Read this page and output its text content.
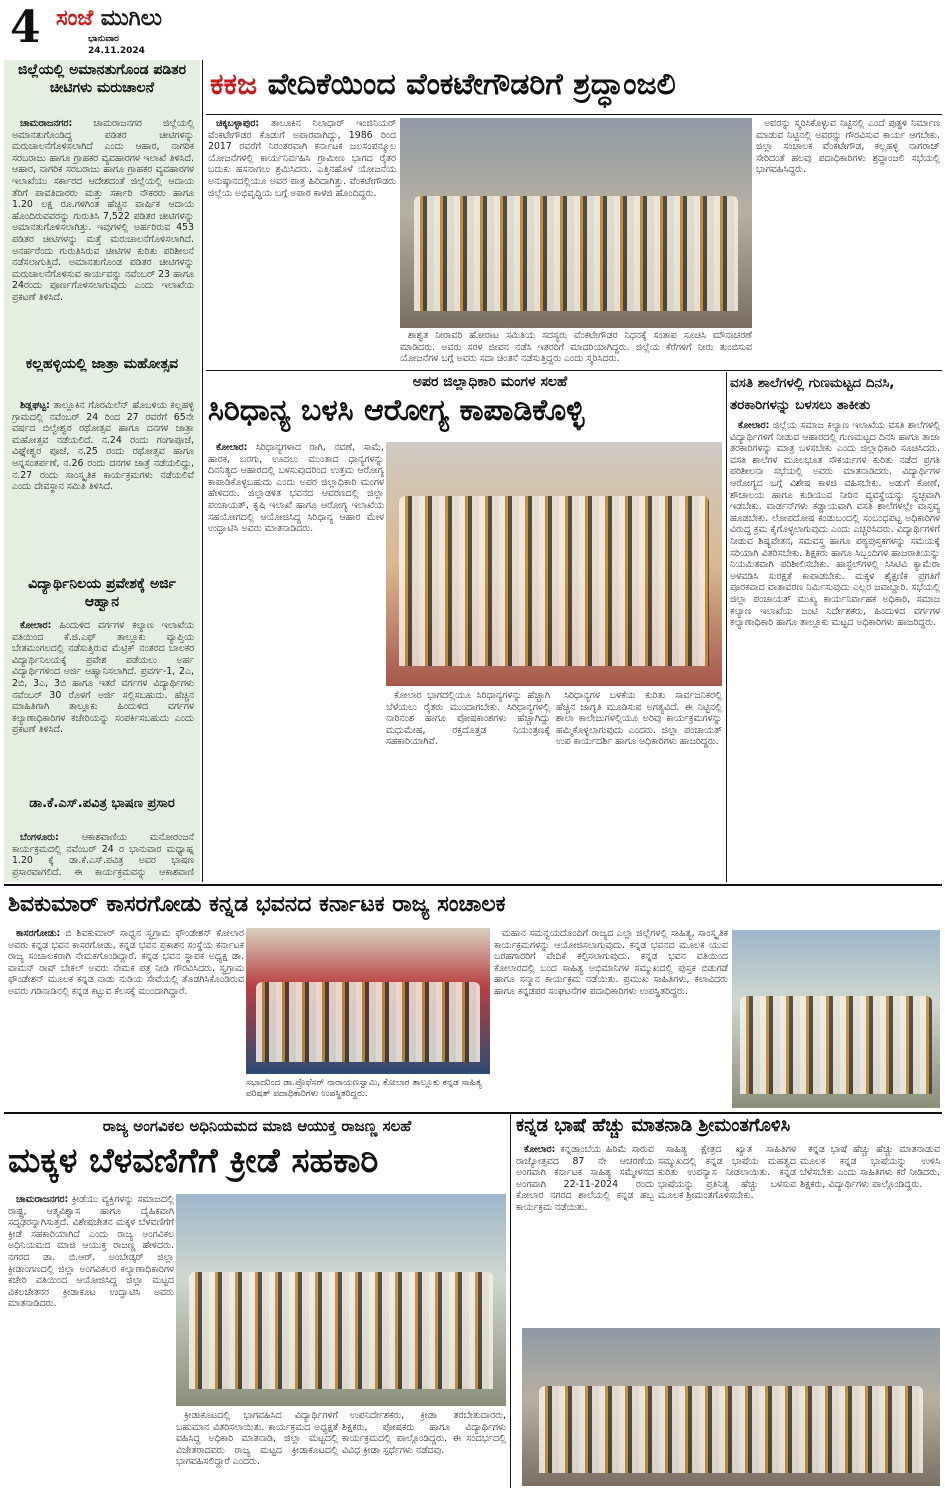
4 ಸಂಜೆ ಮುಗಿಲು
ಭಾನುವಾರ
24.11.2024
ಜಿಲ್ಲೆಯಲ್ಲಿ ಅಮಾನತುಗೊಂಡ ಪಡಿತರ ಚೀಟಿಗಳು ಮರುಚಾಲನೆ

ಚಾಮರಾಜನಗರ: ಚಾಮರಾಜನಗರ ಜಿಲ್ಲೆಯಲ್ಲಿ ಅಮಾನತುಗೊಂಡಿದ್ದ ಪಡಿತರ ಚೀಟಿಗಳನ್ನು ಮರುಚಾಲನೆಗೊಳಿಸಲಾಗಿದೆ ಎಂದು ಆಹಾರ, ನಾಗರಿಕ ಸರಬರಾಜು ಹಾಗೂ ಗ್ರಾಹಕರ ವ್ಯವಹಾರಗಳ ಇಲಾಖೆ ತಿಳಿಸಿದೆ. ಆಹಾರ, ನಾಗರಿಕ ಸರಬರಾಜು ಹಾಗೂ ಗ್ರಾಹಕರ ವ್ಯವಹಾರಗಳ ಇಲಾಖೆಯು ಸರ್ಕಾರದ ಆದೇಶದಂತೆ ಜಿಲ್ಲೆಯಲ್ಲಿ ಆದಾಯ ತೆರಿಗೆ ಪಾವತಿದಾರರು ಮತ್ತು ಸರ್ಕಾರಿ ನೌಕರರು ಹಾಗೂ 1.20 ಲಕ್ಷ ರೂ.ಗಳಿಗಿಂತ ಹೆಚ್ಚಿನ ವಾರ್ಷಿಕ ಆದಾಯ ಹೊಂದಿರುವವರನ್ನು ಗುರುತಿಸಿ 7,522 ಪಡಿತರ ಚೀಟಿಗಳನ್ನು ಅಮಾನತುಗೊಳಿಸಲಾಗಿತ್ತು. ಇವುಗಳಲ್ಲಿ ಅರ್ಹರಿರುವ 453 ಪಡಿತರ ಚೀಟಿಗಳನ್ನು ಮತ್ತೆ ಮರುಚಾಲನೆಗೊಳಿಸಲಾಗಿದೆ. ಅನರ್ಹರೆಂದು ಗುರುತಿಸಿರುವ ಚೀಟಿಗಳ ಕುರಿತು ಪರಿಶೀಲನೆ ನಡೆಸಲಾಗುತ್ತಿದೆ. ಅಮಾನತುಗೊಂಡ ಪಡಿತರ ಚೀಟಿಗಳನ್ನು ಮರುಚಾಲನೆಗೊಳಿಸುವ ಕಾರ್ಯವನ್ನು ನವೆಂಬರ್ 23 ಹಾಗೂ 24ರಂದು ಪೂರ್ಣಗೊಳಿಸಲಾಗುವುದು ಎಂದು ಇಲಾಖೆಯ ಪ್ರಕಟಣೆ ತಿಳಿಸಿದೆ.

ಕಲ್ಲಹಳ್ಳಿಯಲ್ಲಿ ಜಾತ್ರಾ ಮಹೋತ್ಸವ

ಶಿಡ್ಲಘಟ್ಟ: ತಾಲ್ಲೂಕಿನ ಗೊರಮಿಲೆನ್ ಹೊಬಳಿಯ ಕಲ್ಲಹಳ್ಳಿ ಗ್ರಾಮದಲ್ಲಿ ನವೆಂಬರ್ 24 ರಿಂದ 27 ರವರೆಗೆ 65ನೇ ವರ್ಷದ ಬಿಲ್ವೇಶ್ವರ ರಥೋತ್ಸವ ಹಾಗೂ ದನಗಳ ಜಾತ್ರಾ ಮಹೋತ್ಸವ ನಡೆಯಲಿದೆ. ನ.24 ರಂದು ಗಂಗಾಪೂಜೆ, ವಿಘ್ನೇಶ್ವರ ಪೂಜೆ, ನ.25 ರಂದು ರಥೋತ್ಸವ ಹಾಗೂ ಅನ್ನಸಂತರ್ಪಣೆ, ನ.26 ರಂದು ದನಗಳ ಜಾತ್ರೆ ನಡೆಯಲಿದ್ದು, ನ.27 ರಂದು ಸಾಂಸ್ಕೃತಿಕ ಕಾರ್ಯಕ್ರಮಗಳು ನಡೆಯಲಿವೆ ಎಂದು ದೇವಸ್ಥಾನ ಸಮಿತಿ ತಿಳಿಸಿದೆ.

ವಿದ್ಯಾರ್ಥಿನಿಲಯ ಪ್ರವೇಶಕ್ಕೆ ಅರ್ಜಿ ಆಹ್ವಾನ

ಕೋಲಾರ: ಹಿಂದುಳಿದ ವರ್ಗಗಳ ಕಲ್ಯಾಣ ಇಲಾಖೆಯ ವತಿಯಿಂದ ಕೆ.ಜಿ.ಎಫ್ ತಾಲ್ಲೂಕು ವ್ಯಾಪ್ತಿಯ ಬೇತಮಂಗಲದಲ್ಲಿ ನಡೆಸುತ್ತಿರುವ ಮೆಟ್ರಿಕ್ ನಂತರದ ಬಾಲಕರ ವಿದ್ಯಾರ್ಥಿನಿಲಯಕ್ಕೆ ಪ್ರವೇಶ ಪಡೆಯಲು ಅರ್ಹ ವಿದ್ಯಾರ್ಥಿಗಳಿಂದ ಅರ್ಜಿ ಆಹ್ವಾನಿಸಲಾಗಿದೆ. ಪ್ರವರ್ಗ-1, 2ಎ, 2ಬಿ, 3ಎ, 3ಬಿ ಹಾಗೂ ಇತರೆ ವರ್ಗಗಳ ವಿದ್ಯಾರ್ಥಿಗಳು ನವೆಂಬರ್ 30 ರೊಳಗೆ ಅರ್ಜಿ ಸಲ್ಲಿಸಬಹುದು. ಹೆಚ್ಚಿನ ಮಾಹಿತಿಗಾಗಿ ತಾಲ್ಲೂಕು ಹಿಂದುಳಿದ ವರ್ಗಗಳ ಕಲ್ಯಾಣಾಧಿಕಾರಿಗಳ ಕಚೇರಿಯನ್ನು ಸಂಪರ್ಕಿಸಬಹುದು ಎಂದು ಪ್ರಕಟಣೆ ತಿಳಿಸಿದೆ.

ಡಾ.ಕೆ.ಎಸ್.ಪವಿತ್ರ ಭಾಷಣ ಪ್ರಸಾರ

ಬೆಂಗಳೂರು: ಆಕಾಶವಾಣಿಯ ಮನೋರಂಜನೆ ಕಾರ್ಯಕ್ರಮದಲ್ಲಿ ನವೆಂಬರ್ 24 ರ ಭಾನುವಾರ ಮಧ್ಯಾಹ್ನ 1.20 ಕ್ಕೆ ಡಾ.ಕೆ.ಎಸ್.ಪವಿತ್ರ ಅವರ ಭಾಷಣ ಪ್ರಸಾರವಾಗಲಿದೆ. ಈ ಕಾರ್ಯಕ್ರಮವನ್ನು ಆಕಾಶವಾಣಿ

ಕಕಜ ವೇದಿಕೆಯಿಂದ ವೆಂಕಟೇಗೌಡರಿಗೆ ಶ್ರದ್ಧಾಂಜಲಿ

ಚಿಕ್ಕಬಳ್ಳಾಪುರ: ತಾಲೂಕಿನ ನಿಲಾಧಾರ್ ಇಂಜಿನಿಯರ್ ವೆಂಕಟೇಗೌಡರ ಕೊಡುಗೆ ಅಪಾರವಾಗಿದ್ದು, 1986 ರಿಂದ 2017 ರವರೆಗೆ ನಿರಂತರವಾಗಿ ಕರ್ನಾಟಕ ಜಲಸಂಪನ್ಮೂಲ ಯೋಜನೆಗಳಲ್ಲಿ ಕಾರ್ಯನಿರ್ವಹಿಸಿ ಗ್ರಾಮೀಣ ಭಾಗದ ರೈತರ ಬದುಕು ಹಸನಾಗಲು ಶ್ರಮಿಸಿದರು. ಎತ್ತಿನಹೊಳೆ ಯೋಜನೆಯ ಅನುಷ್ಠಾನದಲ್ಲಿಯೂ ಅವರ ಪಾತ್ರ ಹಿರಿದಾಗಿತ್ತು. ವೆಂಕಟೇಗೌಡರು ಜಿಲ್ಲೆಯ ಅಭಿವೃದ್ಧಿಯ ಬಗ್ಗೆ ಅಪಾರ ಕಾಳಜಿ ಹೊಂದಿದ್ದರು.

ಅವರನ್ನು ಸ್ಮರಿಸಿಕೊಳ್ಳುವ ನಿಟ್ಟಿನಲ್ಲಿ ಎಂದೆ ಪುತ್ಥಳಿ ನಿರ್ಮಾಣ ಮಾಡುವ ನಿಟ್ಟಿನಲ್ಲಿ ಅವರನ್ನು ಗೌರವಿಸುವ ಕಾರ್ಯ ಆಗಬೇಕು. ಜಿಲ್ಲಾ ಸಂಚಾಲಕ ವೆಂಕಟೇಗೌಡ, ಕಲ್ಲಹಳ್ಳಿ ನಾಗರಾಜ್ ಸೇರಿದಂತೆ ಹಲವು ಪದಾಧಿಕಾರಿಗಳು ಶ್ರದ್ಧಾಂಜಲಿ ಸಭೆಯಲ್ಲಿ ಭಾಗವಹಿಸಿದ್ದರು.

ಶಾಶ್ವತ ನೀರಾವರಿ ಹೋರಾಟ ಸಮಿತಿಯ ಸದಸ್ಯರು ವೆಂಕಟೇಗೌಡರ ನಿಧನಕ್ಕೆ ಸಂತಾಪ ಸೂಚಿಸಿ ಮೌನಾಚರಣೆ ಮಾಡಿದರು. ಅವರು ಸರಳ ಜೀವನ ನಡೆಸಿ ಇತರರಿಗೆ ಮಾದರಿಯಾಗಿದ್ದರು. ಜಿಲ್ಲೆಯ ಕೆರೆಗಳಿಗೆ ನೀರು ತುಂಬಿಸುವ ಯೋಜನೆಗಳ ಬಗ್ಗೆ ಅವರು ಸದಾ ಚಿಂತನೆ ನಡೆಸುತ್ತಿದ್ದರು ಎಂದು ಸ್ಮರಿಸಿದರು.

ಅಪರ ಜಿಲ್ಲಾಧಿಕಾರಿ ಮಂಗಳ ಸಲಹೆ
ಸಿರಿಧಾನ್ಯ ಬಳಸಿ ಆರೋಗ್ಯ ಕಾಪಾಡಿಕೊಳ್ಳಿ

ಕೋಲಾರ: ಸಿರಿಧಾನ್ಯಗಳಾದ ರಾಗಿ, ನವಣೆ, ಸಾಮೆ, ಹಾರಕ, ಬರಗು, ಊದಲು ಮುಂತಾದ ಧಾನ್ಯಗಳನ್ನು ದಿನನಿತ್ಯದ ಆಹಾರದಲ್ಲಿ ಬಳಸುವುದರಿಂದ ಉತ್ತಮ ಆರೋಗ್ಯ ಕಾಪಾಡಿಕೊಳ್ಳಬಹುದು ಎಂದು ಅಪರ ಜಿಲ್ಲಾಧಿಕಾರಿ ಮಂಗಳ ಹೇಳಿದರು. ಜಿಲ್ಲಾಡಳಿತ ಭವನದ ಆವರಣದಲ್ಲಿ ಜಿಲ್ಲಾ ಪಂಚಾಯತ್, ಕೃಷಿ ಇಲಾಖೆ ಹಾಗೂ ಆರೋಗ್ಯ ಇಲಾಖೆಯ ಸಹಯೋಗದಲ್ಲಿ ಆಯೋಜಿಸಿದ್ದ ಸಿರಿಧಾನ್ಯ ಆಹಾರ ಮೇಳ ಉದ್ಘಾಟಿಸಿ ಅವರು ಮಾತನಾಡಿದರು.

ಕೋಲಾರ ಭಾಗದಲ್ಲಿಯೂ ಸಿರಿಧಾನ್ಯಗಳನ್ನು ಹೆಚ್ಚಾಗಿ ಬೆಳೆಯಲು ರೈತರು ಮುಂದಾಗಬೇಕು. ಸಿರಿಧಾನ್ಯಗಳಲ್ಲಿ ನಾರಿನಂಶ ಹಾಗೂ ಪೋಷಕಾಂಶಗಳು ಹೆಚ್ಚಾಗಿದ್ದು ಮಧುಮೇಹ, ರಕ್ತದೊತ್ತಡ ನಿಯಂತ್ರಣಕ್ಕೆ ಸಹಕಾರಿಯಾಗಿವೆ.

ಸಿರಿಧಾನ್ಯಗಳ ಬಳಕೆಯ ಕುರಿತು ಸಾರ್ವಜನಿಕರಲ್ಲಿ ಹೆಚ್ಚಿನ ಜಾಗೃತಿ ಮೂಡಿಸುವ ಅಗತ್ಯವಿದೆ. ಈ ನಿಟ್ಟಿನಲ್ಲಿ ಶಾಲಾ ಕಾಲೇಜುಗಳಲ್ಲಿಯೂ ಅರಿವು ಕಾರ್ಯಕ್ರಮಗಳನ್ನು ಹಮ್ಮಿಕೊಳ್ಳಲಾಗುವುದು ಎಂದರು. ಜಿಲ್ಲಾ ಪಂಚಾಯತ್ ಉಪ ಕಾರ್ಯದರ್ಶಿ ಹಾಗೂ ಅಧಿಕಾರಿಗಳು ಹಾಜರಿದ್ದರು.

ವಸತಿ ಶಾಲೆಗಳಲ್ಲಿ ಗುಣಮಟ್ಟದ ದಿನಸಿ,
ತರಕಾರಿಗಳನ್ನು ಬಳಸಲು ತಾಕೀತು

ಕೋಲಾರ: ಜಿಲ್ಲೆಯ ಸಮಾಜ ಕಲ್ಯಾಣ ಇಲಾಖೆಯ ವಸತಿ ಶಾಲೆಗಳಲ್ಲಿ ವಿದ್ಯಾರ್ಥಿಗಳಿಗೆ ನೀಡುವ ಆಹಾರದಲ್ಲಿ ಗುಣಮಟ್ಟದ ದಿನಸಿ ಹಾಗೂ ತಾಜಾ ತರಕಾರಿಗಳನ್ನು ಮಾತ್ರ ಬಳಸಬೇಕು ಎಂದು ಜಿಲ್ಲಾಧಿಕಾರಿ ಸೂಚಿಸಿದರು. ವಸತಿ ಶಾಲೆಗಳ ಮೂಲಭೂತ ಸೌಕರ್ಯಗಳ ಕುರಿತು ನಡೆದ ಪ್ರಗತಿ ಪರಿಶೀಲನಾ ಸಭೆಯಲ್ಲಿ ಅವರು ಮಾತನಾಡಿದರು. ವಿದ್ಯಾರ್ಥಿಗಳ ಆರೋಗ್ಯದ ಬಗ್ಗೆ ವಿಶೇಷ ಕಾಳಜಿ ವಹಿಸಬೇಕು. ಅಡುಗೆ ಕೋಣೆ, ಶೌಚಾಲಯ ಹಾಗೂ ಕುಡಿಯುವ ನೀರಿನ ವ್ಯವಸ್ಥೆಯನ್ನು ಸ್ವಚ್ಛವಾಗಿ ಇಡಬೇಕು. ವಾರ್ಡನ್‌ಗಳು ಕಡ್ಡಾಯವಾಗಿ ವಸತಿ ಶಾಲೆಗಳಲ್ಲೇ ವಾಸ್ತವ್ಯ ಹೂಡಬೇಕು. ಲೋಪದೋಷ ಕಂಡುಬಂದಲ್ಲಿ ಸಂಬಂಧಪಟ್ಟ ಅಧಿಕಾರಿಗಳ ವಿರುದ್ಧ ಕ್ರಮ ಕೈಗೊಳ್ಳಲಾಗುವುದು ಎಂದು ಎಚ್ಚರಿಸಿದರು. ವಿದ್ಯಾರ್ಥಿಗಳಿಗೆ ನೀಡುವ ಶಿಷ್ಯವೇತನ, ಸಮವಸ್ತ್ರ ಹಾಗೂ ಪಠ್ಯಪುಸ್ತಕಗಳನ್ನು ಸಮಯಕ್ಕೆ ಸರಿಯಾಗಿ ವಿತರಿಸಬೇಕು. ಶಿಕ್ಷಕರು ಹಾಗೂ ಸಿಬ್ಬಂದಿಗಳ ಹಾಜರಾತಿಯನ್ನು ನಿಯಮಿತವಾಗಿ ಪರಿಶೀಲಿಸಬೇಕು. ಹಾಸ್ಟೆಲ್‌ಗಳಲ್ಲಿ ಸಿಸಿಟಿವಿ ಕ್ಯಾಮೆರಾ ಅಳವಡಿಸಿ ಸುರಕ್ಷತೆ ಕಾಪಾಡಬೇಕು. ಮಕ್ಕಳ ಶೈಕ್ಷಣಿಕ ಪ್ರಗತಿಗೆ ಪೂರಕವಾದ ವಾತಾವರಣ ನಿರ್ಮಿಸುವುದು ಎಲ್ಲರ ಜವಾಬ್ದಾರಿ. ಸಭೆಯಲ್ಲಿ ಜಿಲ್ಲಾ ಪಂಚಾಯತ್ ಮುಖ್ಯ ಕಾರ್ಯನಿರ್ವಾಹಕ ಅಧಿಕಾರಿ, ಸಮಾಜ ಕಲ್ಯಾಣ ಇಲಾಖೆಯ ಜಂಟಿ ನಿರ್ದೇಶಕರು, ಹಿಂದುಳಿದ ವರ್ಗಗಳ ಕಲ್ಯಾಣಾಧಿಕಾರಿ ಹಾಗೂ ತಾಲ್ಲೂಕು ಮಟ್ಟದ ಅಧಿಕಾರಿಗಳು ಹಾಜರಿದ್ದರು.

ಶಿವಕುಮಾರ್ ಕಾಸರಗೋಡು ಕನ್ನಡ ಭವನದ ಕರ್ನಾಟಕ ರಾಜ್ಯ ಸಂಚಾಲಕ

ಕಾಸರಗೋಡು: ಬಿ ಶಿವಕುಮಾರ್ ಸಾಧ್ವನ ಸ್ವಗ್ರಾಮ ಫೌಂಡೇಶನ್ ಕೋಲಾರ ಅವರು ಕನ್ನಡ ಭವನ ಕಾಸರಗೋಡು, ಕನ್ನಡ ಭವನ ಪ್ರಕಾಶನ ಸಂಸ್ಥೆಯ ಕರ್ನಾಟಕ ರಾಜ್ಯ ಸಂಚಾಲಕರಾಗಿ ನೇಮಕಗೊಂಡಿದ್ದಾರೆ. ಕನ್ನಡ ಭವನ ಸ್ಥಾಪಕ ಅಧ್ಯಕ್ಷ ಡಾ. ವಾಮನ್ ರಾವ್ ಬೇಕಲ್ ಅವರು ನೇಮಕ ಪತ್ರ ನೀಡಿ ಗೌರವಿಸಿದರು. ಸ್ವಗ್ರಾಮ ಫೌಂಡೇಶನ್ ಮೂಲಕ ಕನ್ನಡ ನಾಡು ನುಡಿಯ ಸೇವೆಯಲ್ಲಿ ತೊಡಗಿಸಿಕೊಂಡಿರುವ ಅವರು ಗಡಿನಾಡಿನಲ್ಲಿ ಕನ್ನಡ ಕಟ್ಟುವ ಕೆಲಸಕ್ಕೆ ಮುಂದಾಗಿದ್ದಾರೆ.

ಸಭಾದರಿಂದ ಡಾ.ಪ್ರೊಫೆಸರ್ ನಾರಾಯಣಸ್ವಾಮಿ, ಕೋಲಾರ ತಾಲ್ಲೂಕು ಕನ್ನಡ ಸಾಹಿತ್ಯ ಪರಿಷತ್ ಪದಾಧಿಕಾರಿಗಳು ಉಪಸ್ಥಿತರಿದ್ದರು.

ಮಹಾನ ಸಮನ್ವಯದೊಂದಿಗೆ ರಾಜ್ಯದ ಎಲ್ಲಾ ಜಿಲ್ಲೆಗಳಲ್ಲಿ ಸಾಹಿತ್ಯ, ಸಾಂಸ್ಕೃತಿಕ ಕಾರ್ಯಕ್ರಮಗಳನ್ನು ಆಯೋಜಿಸಲಾಗುವುದು. ಕನ್ನಡ ಭವನದ ಮೂಲಕ ಯುವ ಬರಹಗಾರರಿಗೆ ವೇದಿಕೆ ಕಲ್ಪಿಸಲಾಗುವುದು. ಕನ್ನಡ ಭವನ ವತಿಯಿಂದ ಕೋಲಾರದಲ್ಲಿ ಬಂದ ಸಾಹಿತ್ಯ ಅಭಿಮಾನಿಗಳ ಸಮ್ಮುಖದಲ್ಲಿ ಪುಸ್ತಕ ಬಿಡುಗಡೆ ಹಾಗೂ ಸನ್ಮಾನ ಕಾರ್ಯಕ್ರಮ ನಡೆಯಿತು. ಪ್ರಮುಖ ಸಾಹಿತಿಗಳು, ಕಲಾವಿದರು ಹಾಗೂ ಕನ್ನಡಪರ ಸಂಘಟನೆಗಳ ಪದಾಧಿಕಾರಿಗಳು ಉಪಸ್ಥಿತರಿದ್ದರು.

ರಾಜ್ಯ ಅಂಗವಿಕಲ ಅಧಿನಿಯಮದ ಮಾಜಿ ಆಯುಕ್ತ ರಾಜಣ್ಣ ಸಲಹೆ
ಮಕ್ಕಳ ಬೆಳವಣಿಗೆಗೆ ಕ್ರೀಡೆ ಸಹಕಾರಿ

ಚಾಮರಾಜನಗರ: ಕ್ರೀಡೆಯು ವ್ಯಕ್ತಿಗಳನ್ನು ಸಮಾಜದಲ್ಲಿ ರಾಷ್ಟ್ರ, ಆತ್ಮವಿಶ್ವಾಸ ಹಾಗೂ ದೈಹಿಕವಾಗಿ ಸದೃಢರನ್ನಾಗಿಸುತ್ತದೆ. ವಿಶೇಷಚೇತನ ಮಕ್ಕಳ ಬೆಳವಣಿಗೆಗೆ ಕ್ರೀಡೆ ಸಹಕಾರಿಯಾಗಿದೆ ಎಂದು ರಾಜ್ಯ ಅಂಗವಿಕಲ ಅಧಿನಿಯಮದ ಮಾಜಿ ಆಯುಕ್ತ ರಾಜಣ್ಣ ಹೇಳಿದರು. ನಗರದ ಡಾ. ಬಿ.ಆರ್. ಅಂಬೇಡ್ಕರ್ ಜಿಲ್ಲಾ ಕ್ರೀಡಾಂಗಣದಲ್ಲಿ ಜಿಲ್ಲಾ ಅಂಗವಿಕಲರ ಕಲ್ಯಾಣಾಧಿಕಾರಿಗಳ ಕಚೇರಿ ವತಿಯಿಂದ ಆಯೋಜಿಸಿದ್ದ ಜಿಲ್ಲಾ ಮಟ್ಟದ ವಿಕಲಚೇತನರ ಕ್ರೀಡಾಕೂಟ ಉದ್ಘಾಟಿಸಿ ಅವರು ಮಾತನಾಡಿದರು.

ಕ್ರೀಡಾಕೂಟದಲ್ಲಿ ಭಾಗವಹಿಸಿದ ವಿದ್ಯಾರ್ಥಿಗಳಿಗೆ ಬಹುಮಾನ ವಿತರಿಸಲಾಯಿತು. ಕಾರ್ಯಕ್ರಮದ ಅಧ್ಯಕ್ಷತೆ ವಹಿಸಿದ್ದ ಅಧಿಕಾರಿ ಮಾತನಾಡಿ, ಜಿಲ್ಲಾ ಮಟ್ಟದಲ್ಲಿ ವಿಜೇತರಾದವರು ರಾಜ್ಯ ಮಟ್ಟದ ಕ್ರೀಡಾಕೂಟದಲ್ಲಿ ಭಾಗವಹಿಸಲಿದ್ದಾರೆ ಎಂದರು.

ಉಪನಿರ್ದೇಶಕರು, ಕ್ರೀಡಾ ತರಬೇತುದಾರರು, ಶಿಕ್ಷಕರು, ಪೋಷಕರು ಹಾಗೂ ವಿದ್ಯಾರ್ಥಿಗಳು ಕಾರ್ಯಕ್ರಮದಲ್ಲಿ ಪಾಲ್ಗೊಂಡಿದ್ದರು. ಈ ಸಂದರ್ಭದಲ್ಲಿ ವಿವಿಧ ಕ್ರೀಡಾ ಸ್ಪರ್ಧೆಗಳು ನಡೆದವು.

ಕನ್ನಡ ಭಾಷೆ ಹೆಚ್ಚು ಮಾತನಾಡಿ ಶ್ರೀಮಂತಗೊಳಿಸಿ

ಕೋಲಾರ: ಕನ್ನಡಾಂಬೆಯ ಹಿರಿಮೆ ಸಾರುವ ರಾಜ್ಯೋತ್ಸವದ 87 ನೇ ಆಚರಣೆಯ ಅಂಗವಾಗಿ ಕರ್ನಾಟಕ ಸಾಹಿತ್ಯ ಸಮ್ಮೇಳನದ ಅಂಗವಾಗಿ 22-11-2024 ರಂದು ಕೋಲಾರ ನಗರದ ಶಾಲೆಯಲ್ಲಿ ಕನ್ನಡ ಹಬ್ಬ ಕಾರ್ಯಕ್ರಮ ನಡೆಯಿತು.

ಸಾಹಿತ್ಯ ಕ್ಷೇತ್ರದ ಖ್ಯಾತ ಸಾಹಿತಿಗಳ ಸಮ್ಮುಖದಲ್ಲಿ ಕನ್ನಡ ಭಾಷೆಯ ಮಹತ್ವದ ಕುರಿತು ಉಪನ್ಯಾಸ ನೀಡಲಾಯಿತು. ಕನ್ನಡ ಭಾಷೆಯನ್ನು ಪ್ರತಿನಿತ್ಯ ಹೆಚ್ಚು ಬಳಸುವ ಮೂಲಕ ಶ್ರೀಮಂತಗೊಳಿಸಬೇಕು.

ಕನ್ನಡ ಭಾಷೆ ಹೆಚ್ಚು ಹೆಚ್ಚು ಮಾತನಾಡುವ ಮೂಲಕ ಕನ್ನಡ ಭಾಷೆಯನ್ನು ಉಳಿಸಿ ಬೆಳೆಸಬೇಕು ಎಂದು ಸಾಹಿತಿಗಳು ಕರೆ ನೀಡಿದರು. ಶಿಕ್ಷಕರು, ವಿದ್ಯಾರ್ಥಿಗಳು ಪಾಲ್ಗೊಂಡಿದ್ದರು.
